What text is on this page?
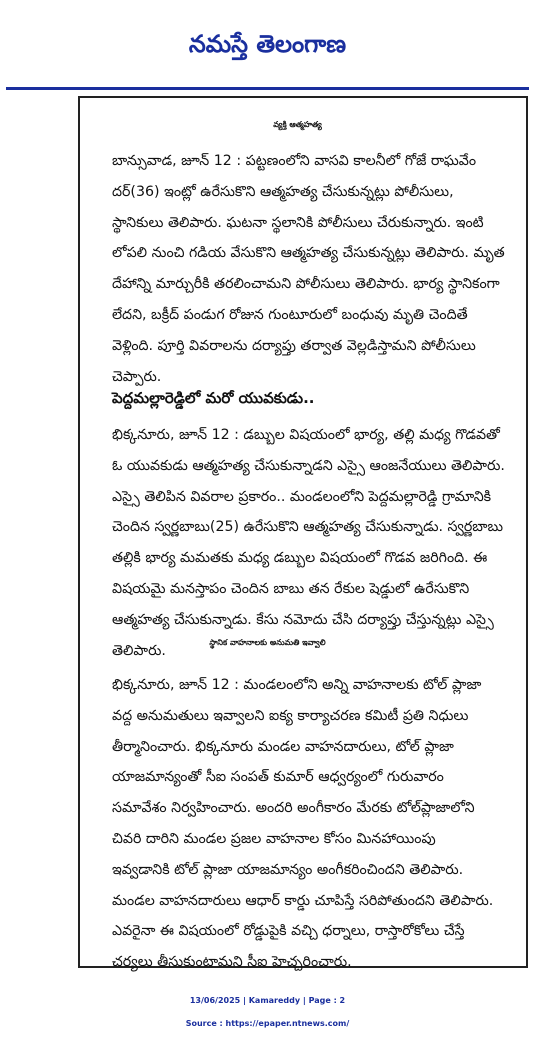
నమస్తే తెలంగాణ
వ్యక్తి ఆత్మహత్య
బాన్సువాడ, జూన్ 12 : పట్టణంలోని వాసవి కాలనీలో గోజే రాఘవేం
దర్(36) ఇంట్లో ఉరేసుకొని ఆత్మహత్య చేసుకున్నట్లు పోలీసులు,
స్థానికులు తెలిపారు. ఘటనా స్థలానికి పోలీసులు చేరుకున్నారు. ఇంటి
లోపలి నుంచి గడియ వేసుకొని ఆత్మహత్య చేసుకున్నట్లు తెలిపారు. మృత
దేహాన్ని మార్చురీకి తరలించామని పోలీసులు తెలిపారు. భార్య స్థానికంగా
లేదని, బక్రీద్ పండుగ రోజున గుంటూరులో బంధువు మృతి చెందితే
వెళ్లింది. పూర్తి వివరాలను దర్యాప్తు తర్వాత వెల్లడిస్తామని పోలీసులు
చెప్పారు.
పెద్దమల్లారెడ్డిలో మరో యువకుడు..
భిక్కనూరు, జూన్ 12 : డబ్బుల విషయంలో భార్య, తల్లి మధ్య గొడవతో
ఓ యువకుడు ఆత్మహత్య చేసుకున్నాడని ఎస్సై ఆంజనేయులు తెలిపారు.
ఎస్సై తెలిపిన వివరాల ప్రకారం.. మండలంలోని పెద్దమల్లారెడ్డి గ్రామానికి
చెందిన స్వర్ణబాబు(25) ఉరేసుకొని ఆత్మహత్య చేసుకున్నాడు. స్వర్ణబాబు
తల్లికి భార్య మమతకు మధ్య డబ్బుల విషయంలో గొడవ జరిగింది. ఈ
విషయమై మనస్తాపం చెందిన బాబు తన రేకుల షెడ్డులో ఉరేసుకొని
ఆత్మహత్య చేసుకున్నాడు. కేసు నమోదు చేసి దర్యాప్తు చేస్తున్నట్లు ఎస్సై
తెలిపారు.
స్థానిక వాహనాలకు అనుమతి ఇవ్వాలి
భిక్కనూరు, జూన్ 12 : మండలంలోని అన్ని వాహనాలకు టోల్ ప్లాజా
వద్ద అనుమతులు ఇవ్వాలని ఐక్య కార్యాచరణ కమిటీ ప్రతి నిధులు
తీర్మానించారు. భిక్కనూరు మండల వాహనదారులు, టోల్ ప్లాజా
యాజమాన్యంతో సీఐ సంపత్ కుమార్ ఆధ్వర్యంలో గురువారం
సమావేశం నిర్వహించారు. అందరి అంగీకారం మేరకు టోల్‌ప్లాజాలోని
చివరి దారిని మండల ప్రజల వాహనాల కోసం మినహాయింపు
ఇవ్వడానికి టోల్ ప్లాజా యాజమాన్యం అంగీకరించిందని తెలిపారు.
మండల వాహనదారులు ఆధార్ కార్డు చూపిస్తే సరిపోతుందని తెలిపారు.
ఎవరైనా ఈ విషయంలో రోడ్డుపైకి వచ్చి ధర్నాలు, రాస్తారోకోలు చేస్తే
చర్యలు తీసుకుంటామని సీఐ హెచ్చరించారు.
13/06/2025 | Kamareddy | Page : 2
Source : https://epaper.ntnews.com/
